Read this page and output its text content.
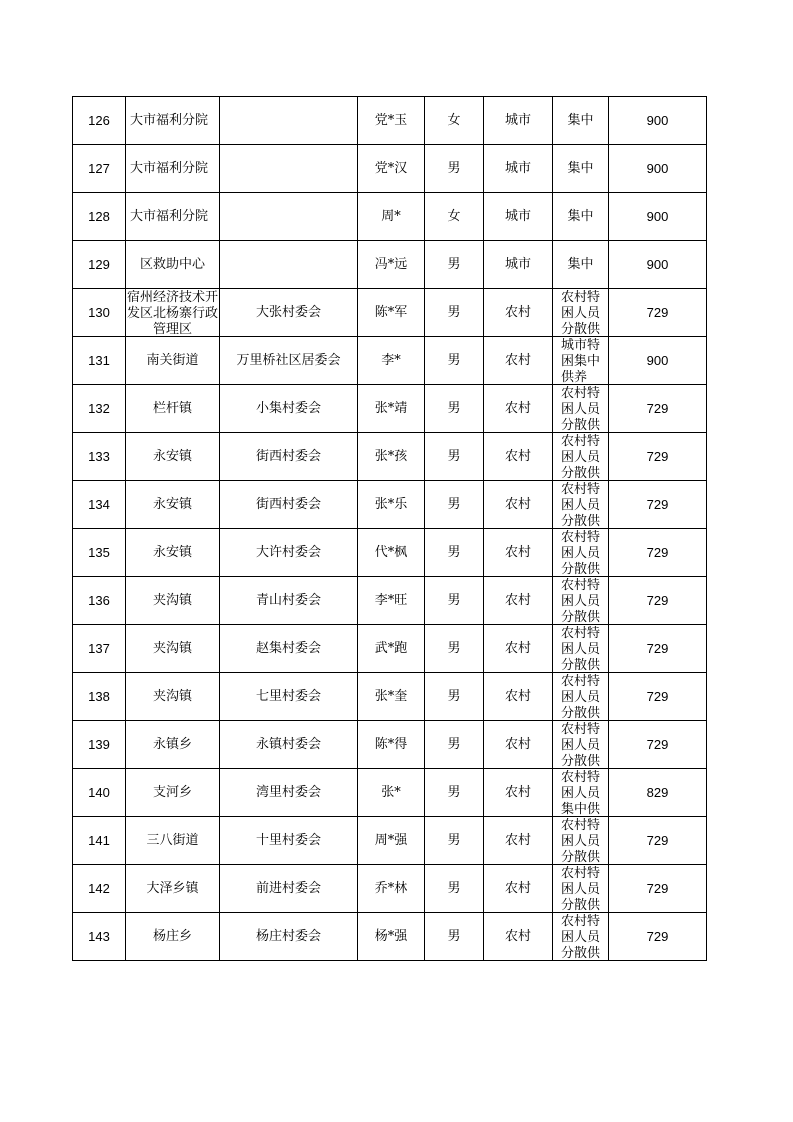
126	大市福利分院		党*玉	女	城市	集中	900

127	大市福利分院		党*汉	男	城市	集中	900

128	大市福利分院		周*	女	城市	集中	900

129	区救助中心		冯*远	男	城市	集中	900

130	宿州经济技术开发区北杨寨行政管理区	大张村委会	陈*军	男	农村	农村特困人员分散供	729

131	南关街道	万里桥社区居委会	李*	男	农村	城市特困集中供养	900

132	栏杆镇	小集村委会	张*靖	男	农村	农村特困人员分散供	729

133	永安镇	街西村委会	张*孩	男	农村	农村特困人员分散供	729

134	永安镇	街西村委会	张*乐	男	农村	农村特困人员分散供	729

135	永安镇	大许村委会	代*枫	男	农村	农村特困人员分散供	729

136	夹沟镇	青山村委会	李*旺	男	农村	农村特困人员分散供	729

137	夹沟镇	赵集村委会	武*跑	男	农村	农村特困人员分散供	729

138	夹沟镇	七里村委会	张*奎	男	农村	农村特困人员分散供	729

139	永镇乡	永镇村委会	陈*得	男	农村	农村特困人员分散供	729

140	支河乡	湾里村委会	张*	男	农村	农村特困人员集中供	829

141	三八街道	十里村委会	周*强	男	农村	农村特困人员分散供	729

142	大泽乡镇	前进村委会	乔*林	男	农村	农村特困人员分散供	729

143	杨庄乡	杨庄村委会	杨*强	男	农村	农村特困人员分散供	729
